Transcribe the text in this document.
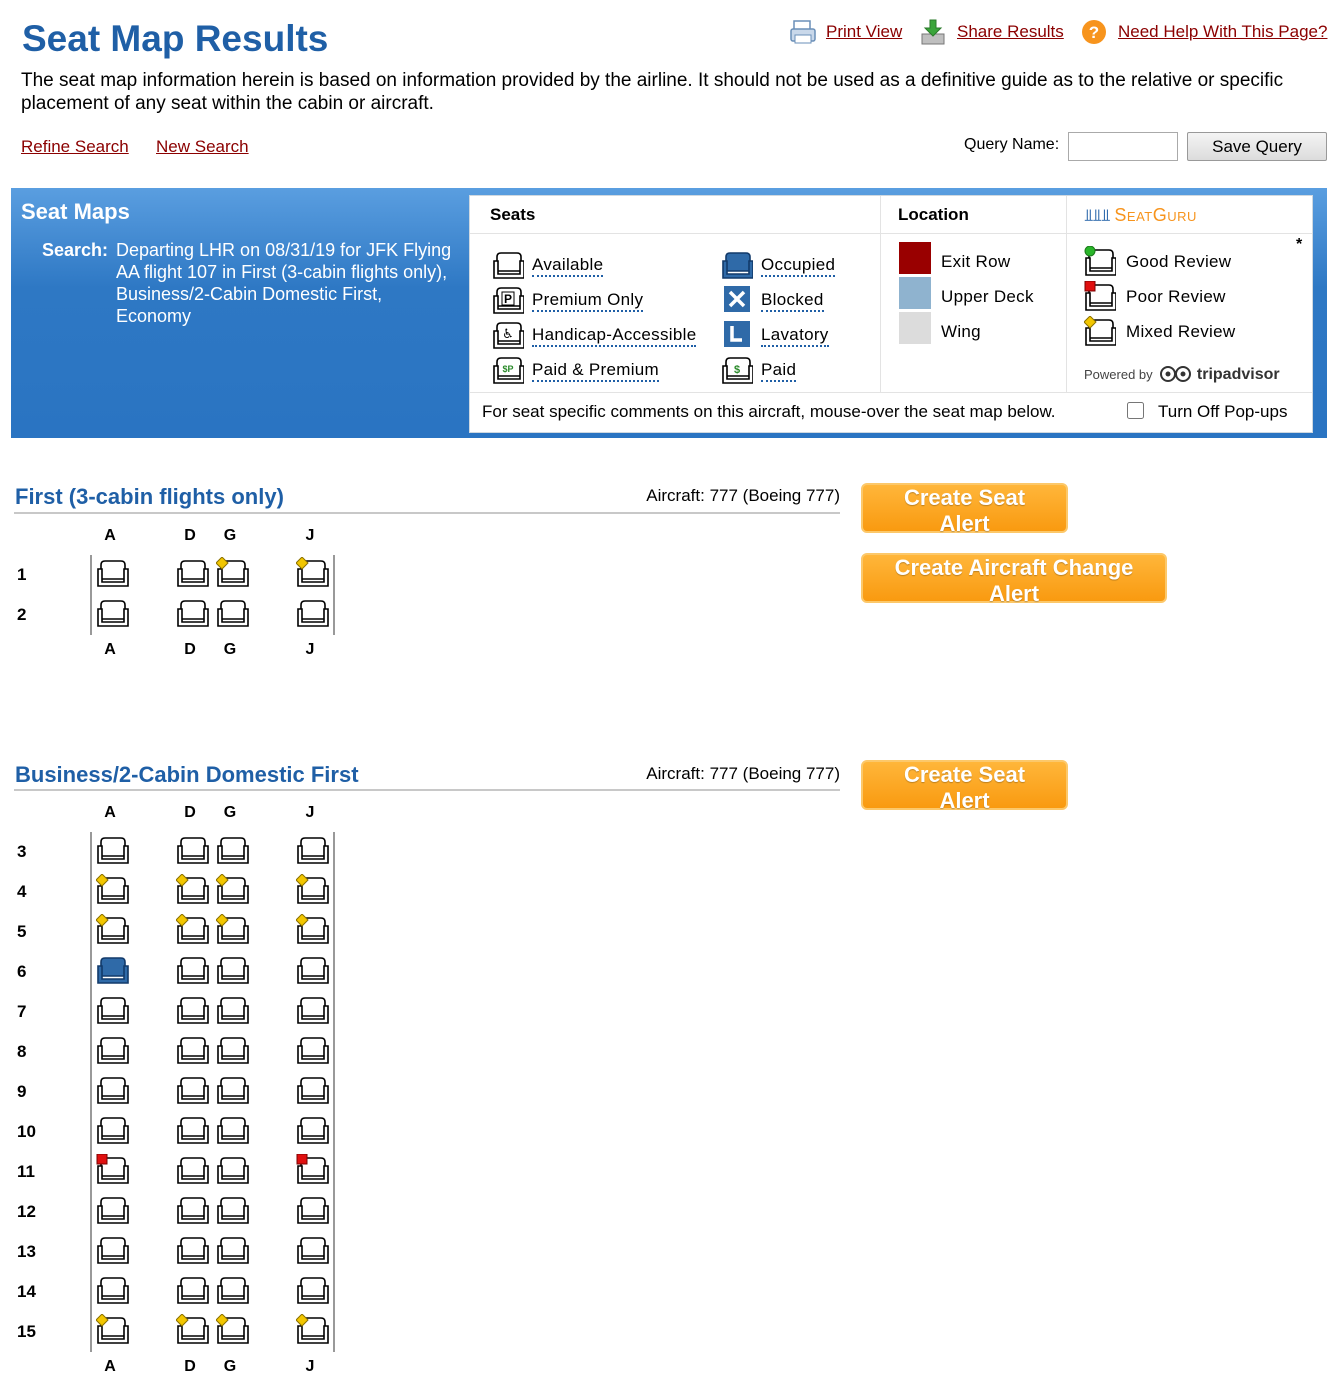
Seat Map Results	Print View	Share Results ? Need Help With This Page?
The seat map information herein is based on information provided by the airline. It should not be used as a definitive guide as to the relative or specific placement of any seat within the cabin or aircraft.
Refine Search New Search	Query Name:	Save Query
Seat Maps
Search: Departing LHR on 08/31/19 for JFK Flying AA flight 107 in First (3-cabin flights only), Business/2-Cabin Domestic First, Economy
Seats	Location	⫫⫫⫫ SeatGuru
*
Available
P Premium Only
♿ Handicap-Accessible
$P Paid & Premium
Occupied
Blocked
Lavatory
$ Paid
Exit Row
Upper Deck
Wing
Good Review
Poor Review
Mixed Review
Powered by	tripadvisor
For seat specific comments on this aircraft, mouse-over the seat map below.	Turn Off Pop-ups
First (3-cabin flights only)	Aircraft: 777 (Boeing 777)	Create Seat Alert
Create Aircraft Change Alert
A	D	G	J
A	D	G	J
1
2
Business/2-Cabin Domestic First	Aircraft: 777 (Boeing 777)	Create Seat Alert
A	D	G	J
A	D	G	J
3
4
5
6
7
8
9
10
11
12
13
14
15
